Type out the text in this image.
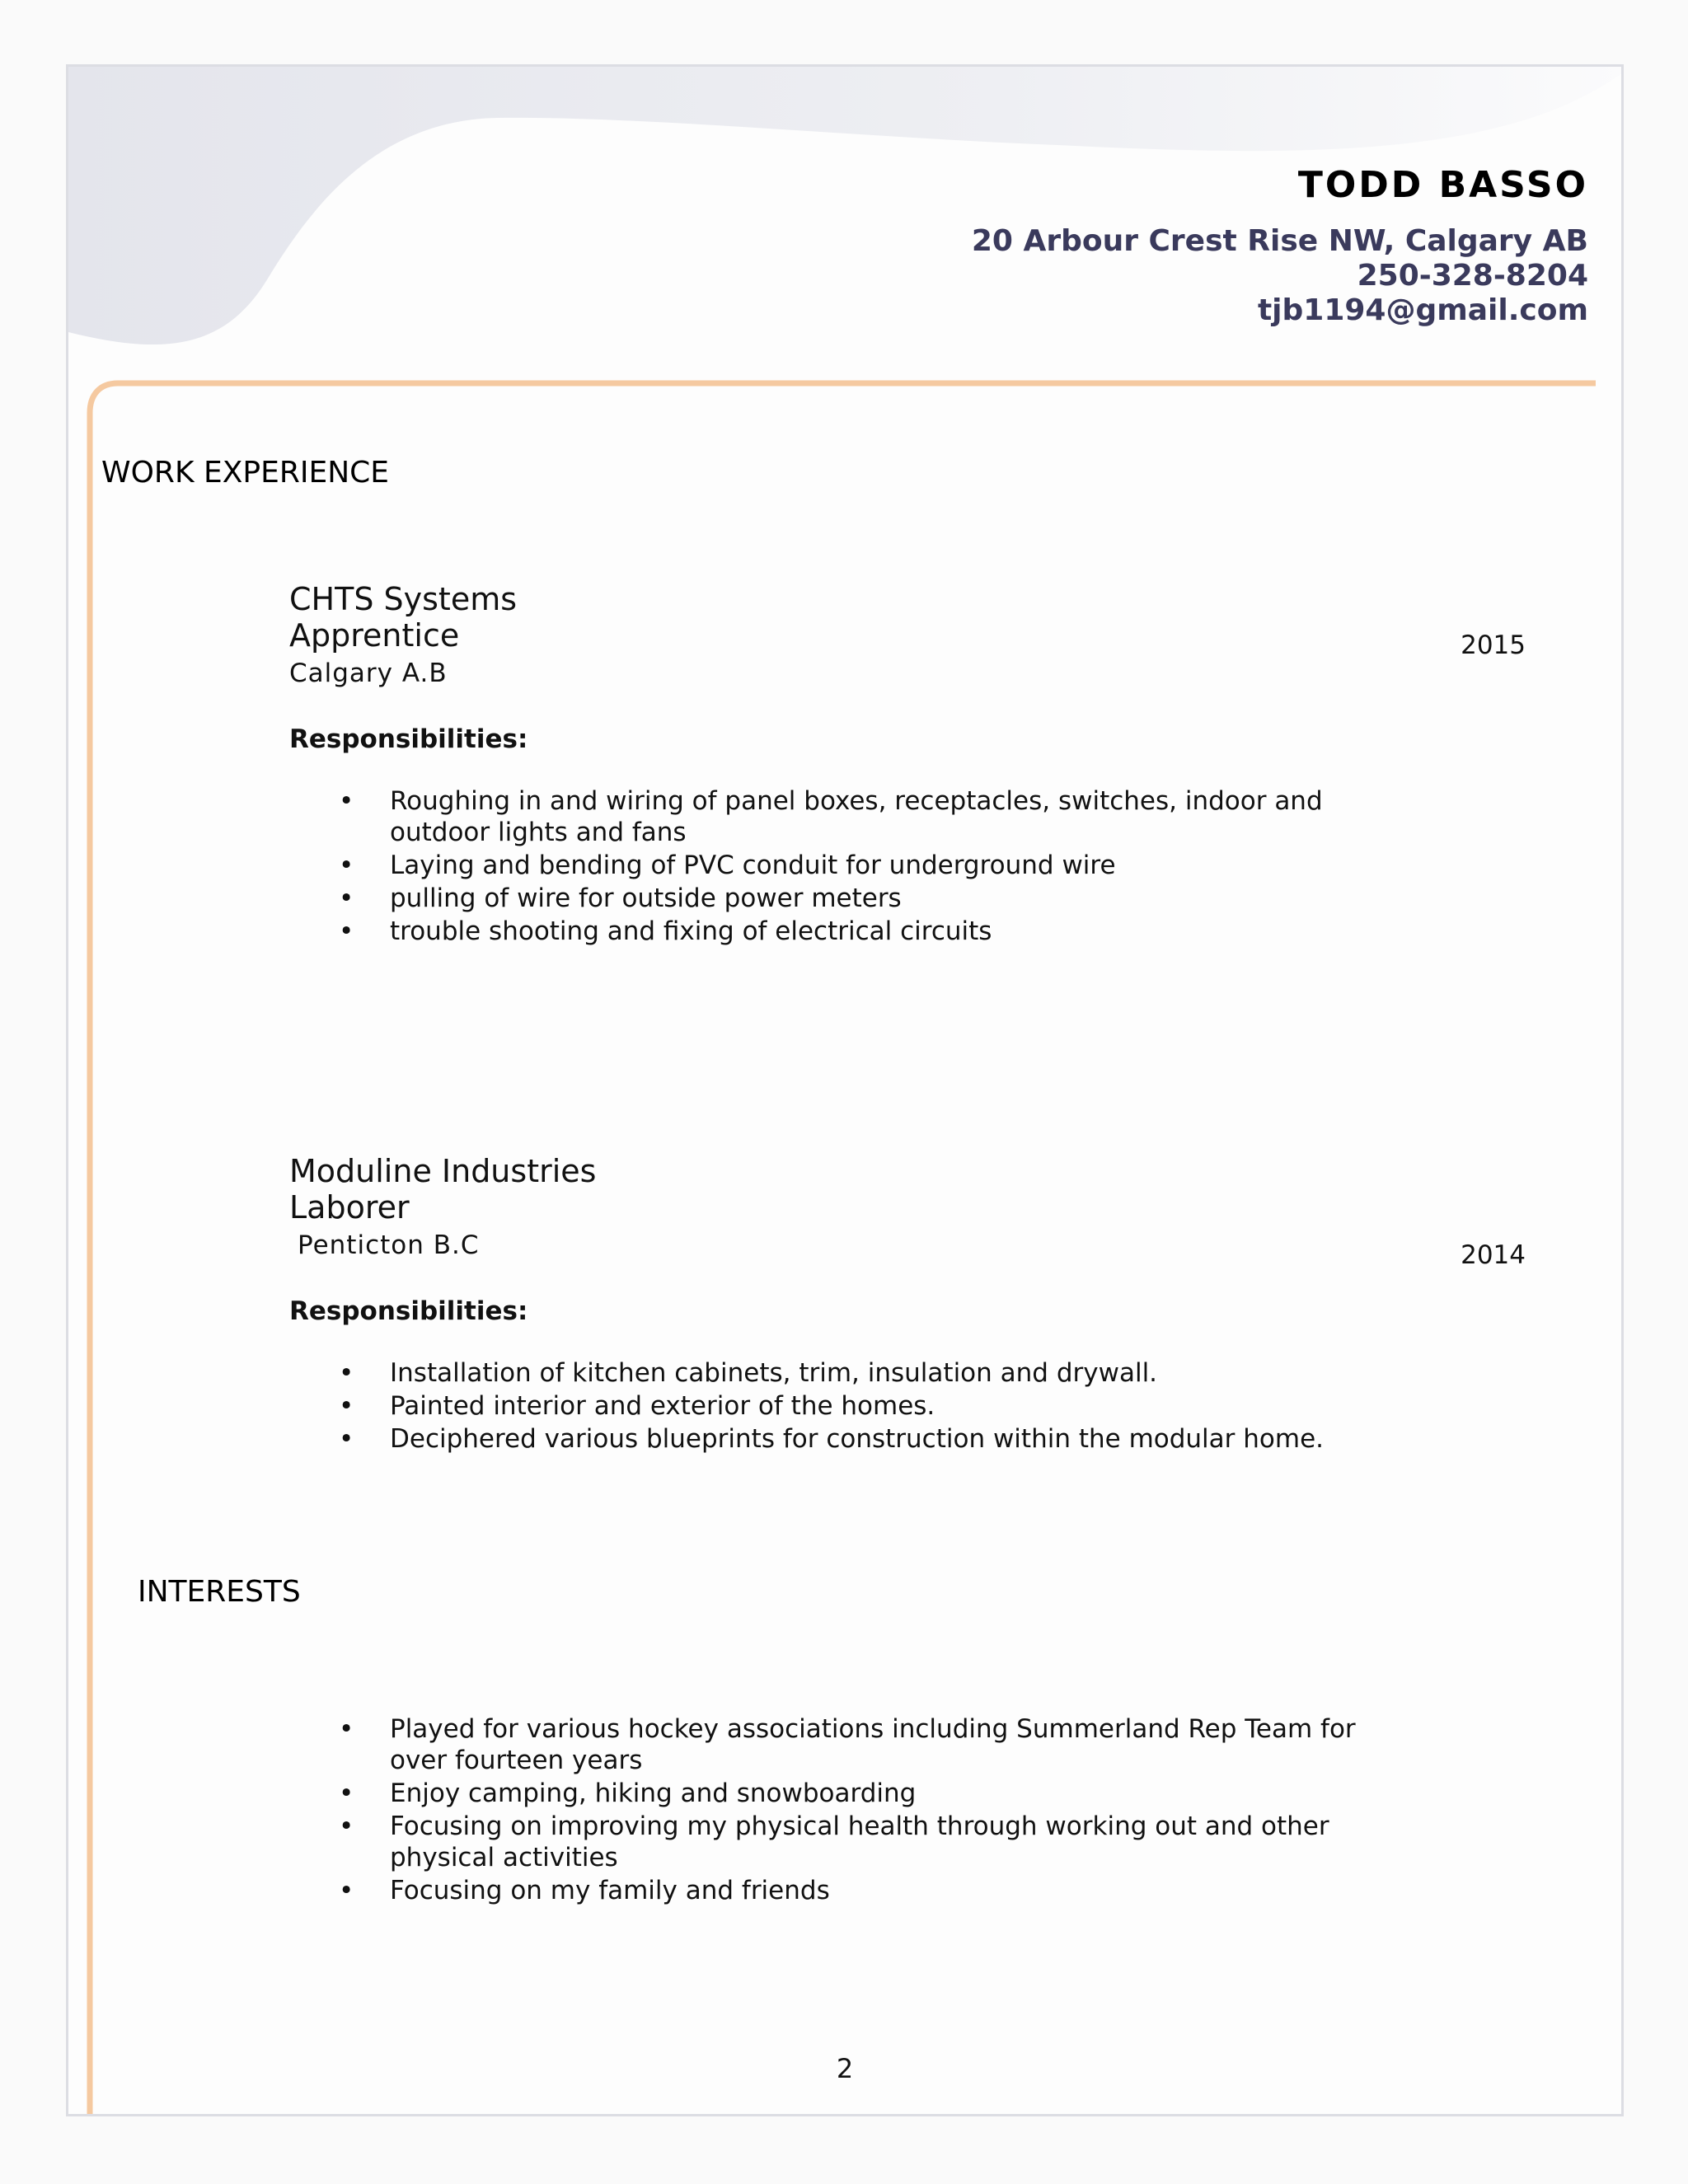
TODD BASSO
20 Arbour Crest Rise NW, Calgary AB
250-328-8204
tjb1194@gmail.com
WORK EXPERIENCE
CHTS Systems
Apprentice	2015
Calgary A.B
Responsibilities:
• Roughing in and wiring of panel boxes, receptacles, switches, indoor and outdoor lights and fans
• Laying and bending of PVC conduit for underground wire
• pulling of wire for outside power meters
• trouble shooting and fixing of electrical circuits
Moduline Industries
Laborer
2014
Penticton B.C
Responsibilities:
• Installation of kitchen cabinets, trim, insulation and drywall.
• Painted interior and exterior of the homes.
• Deciphered various blueprints for construction within the modular home.
INTERESTS
• Played for various hockey associations including Summerland Rep Team for over fourteen years
• Enjoy camping, hiking and snowboarding
• Focusing on improving my physical health through working out and other physical activities
• Focusing on my family and friends
2
